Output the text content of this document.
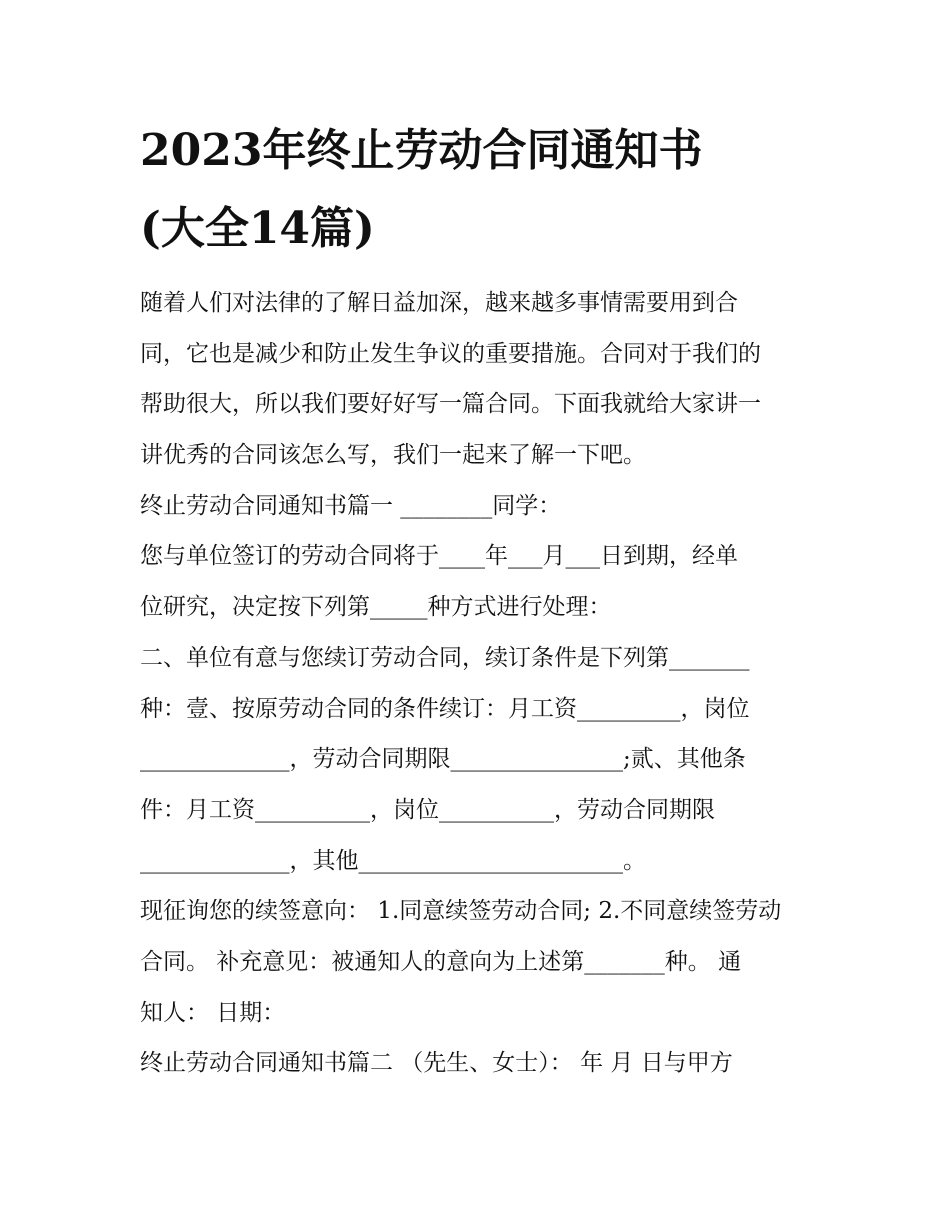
2023年终止劳动合同通知书
(大全14篇)
随着人们对法律的了解日益加深，越来越多事情需要用到合
同，它也是减少和防止发生争议的重要措施。合同对于我们的
帮助很大，所以我们要好好写一篇合同。下面我就给大家讲一
讲优秀的合同该怎么写，我们一起来了解一下吧。
终止劳动合同通知书篇一 ________同学：
您与单位签订的劳动合同将于____年___月___日到期，经单
位研究，决定按下列第_____种方式进行处理：
二、单位有意与您续订劳动合同，续订条件是下列第_______
种：壹、按原劳动合同的条件续订：月工资_________，岗位
_____________，劳动合同期限_______________;贰、其他条
件：月工资__________，岗位__________，劳动合同期限
_____________，其他_______________________。
现征询您的续签意向： 1.同意续签劳动合同; 2.不同意续签劳动
合同。 补充意见：被通知人的意向为上述第_______种。 通
知人： 日期：
终止劳动合同通知书篇二 （先生、女士）： 年 月 日与甲方
